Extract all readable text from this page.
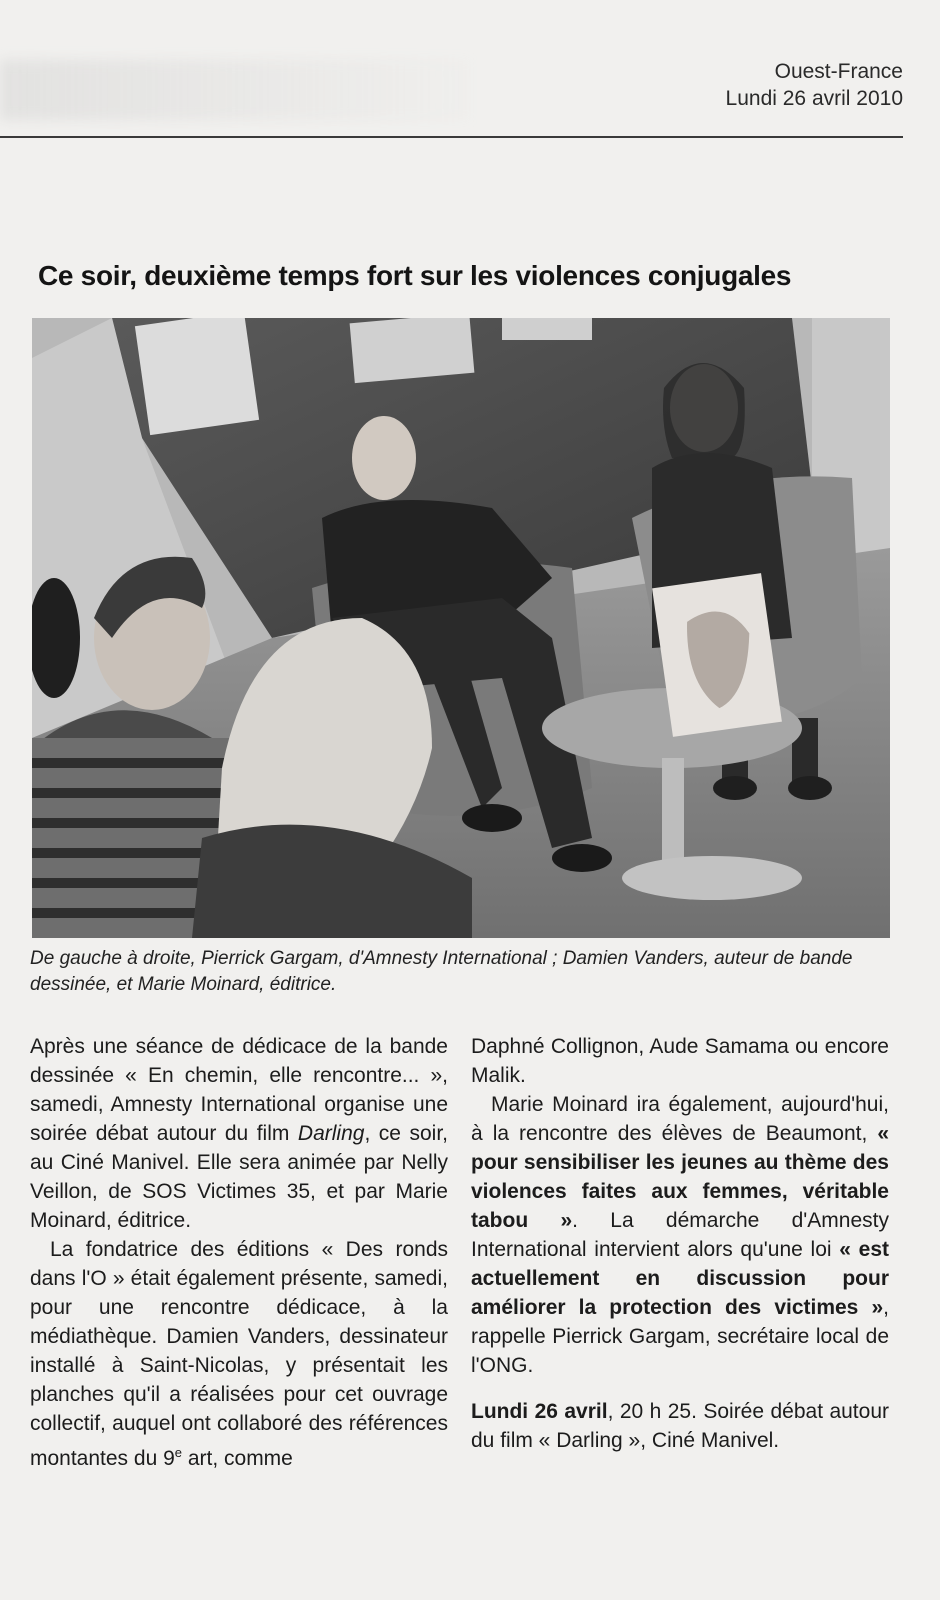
Ouest-France
Lundi 26 avril 2010
Ce soir, deuxième temps fort sur les violences conjugales
De gauche à droite, Pierrick Gargam, d'Amnesty International ; Damien Vanders, auteur de bande dessinée, et Marie Moinard, éditrice.

Après une séance de dédicace de la bande dessinée « En chemin, elle rencontre... », samedi, Amnesty International organise une soirée débat autour du film Darling, ce soir, au Ciné Manivel. Elle sera animée par Nelly Veillon, de SOS Victimes 35, et par Marie Moinard, éditrice.

La fondatrice des éditions « Des ronds dans l'O » était également présente, samedi, pour une rencontre dédicace, à la médiathèque. Damien Vanders, dessinateur installé à Saint-Nicolas, y présentait les planches qu'il a réalisées pour cet ouvrage collectif, auquel ont collaboré des références montantes du 9e art, comme

Daphné Collignon, Aude Samama ou encore Malik.

Marie Moinard ira également, aujourd'hui, à la rencontre des élèves de Beaumont, « pour sensibiliser les jeunes au thème des violences faites aux femmes, véritable tabou ». La démarche d'Amnesty International intervient alors qu'une loi « est actuellement en discussion pour améliorer la protection des victimes », rappelle Pierrick Gargam, secrétaire local de l'ONG.

Lundi 26 avril, 20 h 25. Soirée débat autour du film « Darling », Ciné Manivel.
